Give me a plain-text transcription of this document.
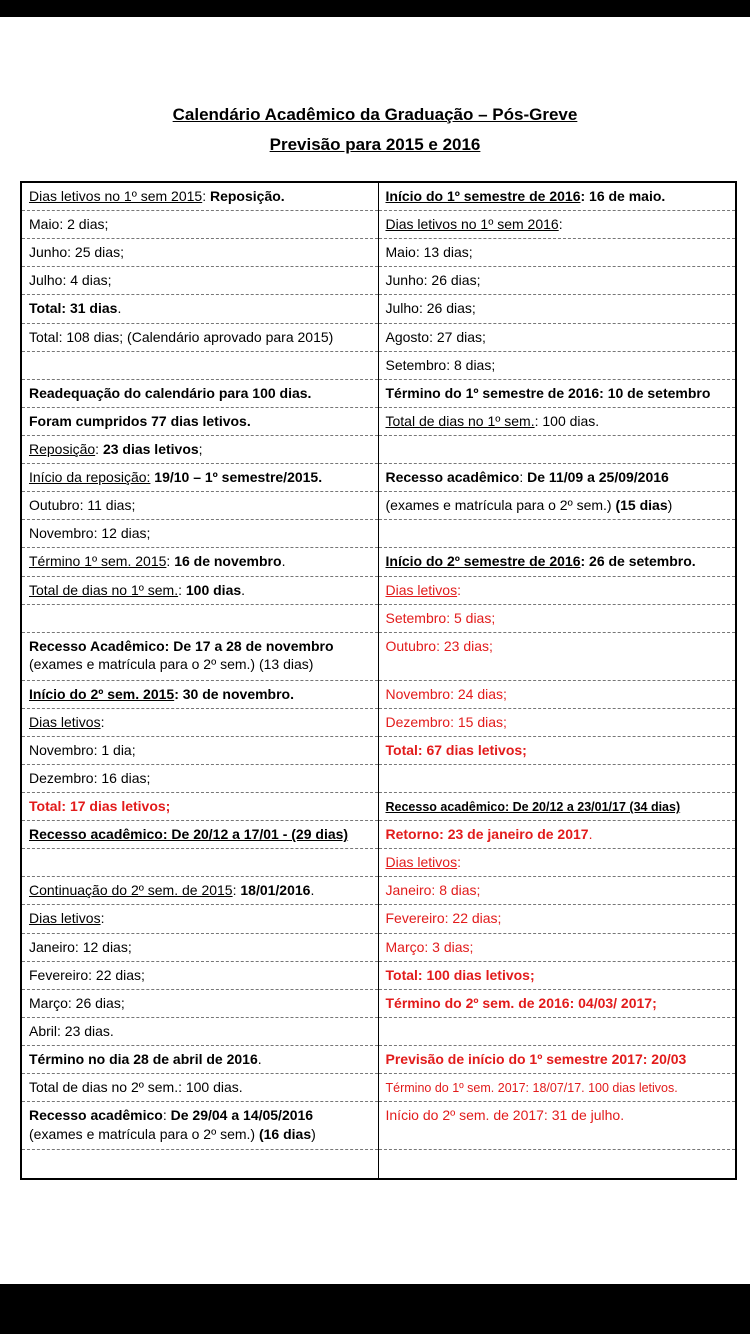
Calendário Acadêmico da Graduação – Pós-Greve
Previsão para 2015 e 2016
Dias letivos no 1º sem 2015: Reposição.
Maio: 2 dias;
Junho: 25 dias;
Julho: 4 dias;
Total: 31 dias.
Total: 108 dias; (Calendário aprovado para 2015)
Readequação do calendário para 100 dias.
Foram cumpridos 77 dias letivos.
Reposição: 23 dias letivos;
Início da reposição: 19/10 – 1º semestre/2015.
Outubro: 11 dias;
Novembro: 12 dias;
Término 1º sem. 2015: 16 de novembro.
Total de dias no 1º sem.: 100 dias.
Recesso Acadêmico: De 17 a 28 de novembro
(exames e matrícula para o 2º sem.) (13 dias)
Início do 2º sem. 2015: 30 de novembro.
Dias letivos:
Novembro: 1 dia;
Dezembro: 16 dias;
Total: 17 dias letivos;
Recesso acadêmico: De 20/12 a 17/01 - (29 dias)
Continuação do 2º sem. de 2015: 18/01/2016.
Dias letivos:
Janeiro: 12 dias;
Fevereiro: 22 dias;
Março: 26 dias;
Abril: 23 dias.
Término no dia 28 de abril de 2016.
Total de dias no 2º sem.: 100 dias.
Recesso acadêmico: De 29/04 a 14/05/2016
(exames e matrícula para o 2º sem.) (16 dias)
Início do 1º semestre de 2016: 16 de maio.
Dias letivos no 1º sem 2016:
Maio: 13 dias;
Junho: 26 dias;
Julho: 26 dias;
Agosto: 27 dias;
Setembro: 8 dias;
Término do 1º semestre de 2016: 10 de setembro
Total de dias no 1º sem.: 100 dias.
Recesso acadêmico: De 11/09 a 25/09/2016
(exames e matrícula para o 2º sem.) (15 dias)
Início do 2º semestre de 2016: 26 de setembro.
Dias letivos:
Setembro: 5 dias;
Outubro: 23 dias;
Novembro: 24 dias;
Dezembro: 15 dias;
Total: 67 dias letivos;
Recesso acadêmico: De 20/12 a 23/01/17 (34 dias)
Retorno: 23 de janeiro de 2017.
Dias letivos:
Janeiro: 8 dias;
Fevereiro: 22 dias;
Março: 3 dias;
Total: 100 dias letivos;
Término do 2º sem. de 2016: 04/03/ 2017;
Previsão de início do 1º semestre 2017: 20/03
Término do 1º sem. 2017: 18/07/17. 100 dias letivos.
Início do 2º sem. de 2017: 31 de julho.
